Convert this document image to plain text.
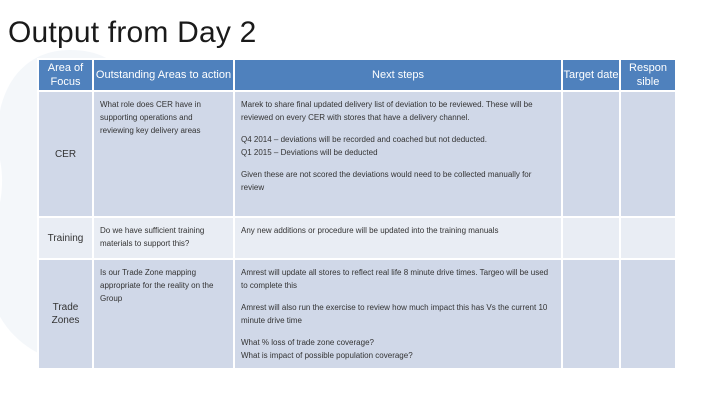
Output from Day 2
Area of Focus	Outstanding Areas to action	Next steps	Target date	Respon sible
CER	What role does CER have in supporting operations and reviewing key delivery areas	Marek to share final updated delivery list of deviation to be reviewed. These will be reviewed on every CER with stores that have a delivery channel.

Q4 2014 – deviations will be recorded and coached but not deducted.
Q1 2015 – Deviations will be deducted

Given these are not scored the deviations would need to be collected manually for review		

Training	Do we have sufficient training materials to support this?	Any new additions or procedure will be updated into the training manuals		

Trade Zones	Is our Trade Zone mapping appropriate for the reality on the Group	Amrest will update all stores to reflect real life 8 minute drive times. Targeo will be used to complete this

Amrest will also run the exercise to review how much impact this has Vs the current 10 minute drive time

What % loss of trade zone coverage?
What is impact of possible population coverage?		
